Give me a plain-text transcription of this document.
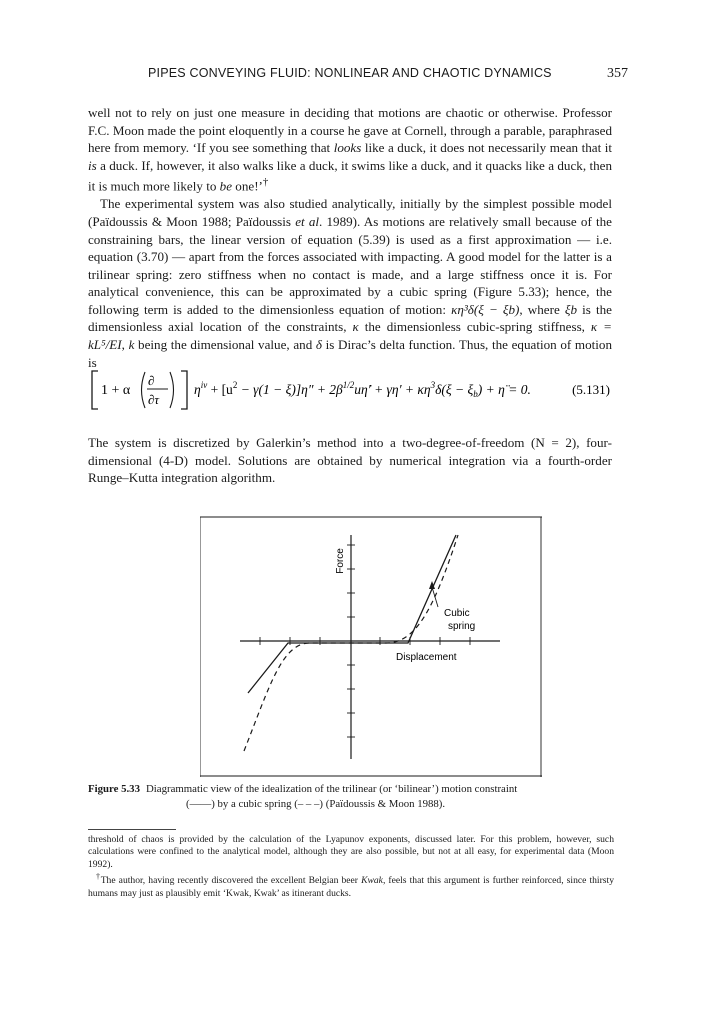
PIPES CONVEYING FLUID: NONLINEAR AND CHAOTIC DYNAMICS	357

well not to rely on just one measure in deciding that motions are chaotic or otherwise. Professor F.C. Moon made the point eloquently in a course he gave at Cornell, through a parable, paraphrased here from memory. ‘If you see something that looks like a duck, it does not necessarily mean that it is a duck. If, however, it also walks like a duck, it swims like a duck, and it quacks like a duck, then it is much more likely to be one!’†

The experimental system was also studied analytically, initially by the simplest possible model (Païdoussis & Moon 1988; Païdoussis et al. 1989). As motions are relatively small because of the constraining bars, the linear version of equation (5.39) is used as a first approximation — i.e. equation (3.70) — apart from the forces associated with impacting. A good model for the latter is a trilinear spring: zero stiffness when no contact is made, and a large stiffness once it is. For analytical convenience, this can be approximated by a cubic spring (Figure 5.33); hence, the following term is added to the dimensionless equation of motion: κη³δ(ξ − ξb), where ξb is the dimensionless axial location of the constraints, κ the dimensionless cubic-spring stiffness, κ = kL⁵/EI, k being the dimensional value, and δ is Dirac’s delta function. Thus, the equation of motion is

1 + α
∂
∂τ
$\eta^{iv} + [u^2 - \gamma(1 - \xi)]\eta''$ + $2\beta^{1/2}u\etȧ' + \gamma\eta' + \kappa\eta^3\delta(\xi - \xi_b)$ + η̈ = 0.	(5.131)
The system is discretized by Galerkin’s method into a two-degree-of-freedom (N = 2), four-dimensional (4-D) model. Solutions are obtained by numerical integration via a fourth-order Runge–Kutta integration algorithm.
Force
Displacement
Cubic
spring
Figure 5.33 Diagrammatic view of the idealization of the trilinear (or ‘bilinear’) motion constraint
(——) by a cubic spring (– – –) (Païdoussis & Moon 1988).

threshold of chaos is provided by the calculation of the Lyapunov exponents, discussed later. For this problem, however, such calculations were confined to the analytical model, although they are also possible, but not at all easy, for experimental data (Moon 1992).

†The author, having recently discovered the excellent Belgian beer Kwak, feels that this argument is further reinforced, since thirsty humans may just as plausibly emit ‘Kwak, Kwak’ as itinerant ducks.
